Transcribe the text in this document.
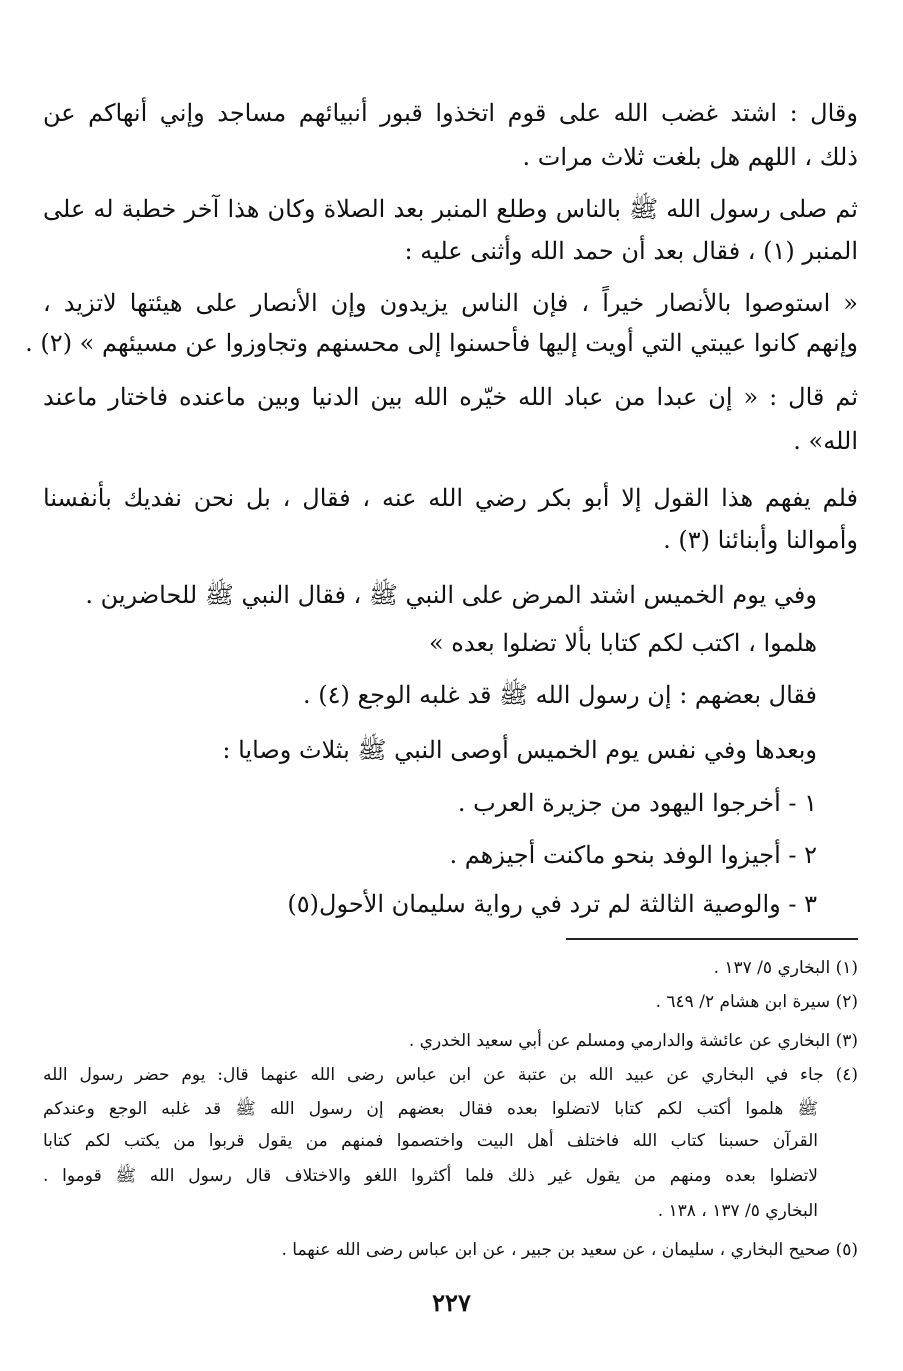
وقال : اشتد غضب الله على قوم اتخذوا قبور أنبيائهم مساجد وإني أنهاكم عن
ذلك ، اللهم هل بلغت ثلاث مرات .
ثم صلى رسول الله ﷺ بالناس وطلع المنبر بعد الصلاة وكان هذا آخر خطبة له على
المنبر (١) ، فقال بعد أن حمد الله وأثنى عليه :
« استوصوا بالأنصار خيراً ، فإن الناس يزيدون وإن الأنصار على هيئتها لاتزيد ،
وإنهم كانوا عيبتي التي أويت إليها فأحسنوا إلى محسنهم وتجاوزوا عن مسيئهم » (٢) .
ثم قال : « إن عبدا من عباد الله خيّره الله بين الدنيا وبين ماعنده فاختار ماعند
الله» .
فلم يفهم هذا القول إلا أبو بكر رضي الله عنه ، فقال ، بل نحن نفديك بأنفسنا
وأموالنا وأبنائنا (٣) .
وفي يوم الخميس اشتد المرض على النبي ﷺ ، فقال النبي ﷺ للحاضرين .
هلموا ، اكتب لكم كتابا بألا تضلوا بعده »
فقال بعضهم : إن رسول الله ﷺ قد غلبه الوجع (٤) .
وبعدها وفي نفس يوم الخميس أوصى النبي ﷺ بثلاث وصايا :
١ - أخرجوا اليهود من جزيرة العرب .
٢ - أجيزوا الوفد بنحو ماكنت أجيزهم .
٣ - والوصية الثالثة لم ترد في رواية سليمان الأحول(٥)
(١) البخاري ٥/ ١٣٧ .
(٢) سيرة ابن هشام ٢/ ٦٤٩ .
(٣) البخاري عن عائشة والدارمي ومسلم عن أبي سعيد الخدري .
(٤) جاء في البخاري عن عبيد الله بن عتبة عن ابن عباس رضى الله عنهما قال: يوم حضر رسول الله
ﷺ هلموا أكتب لكم كتابا لاتضلوا بعده فقال بعضهم إن رسول الله ﷺ قد غلبه الوجع وعندكم
القرآن حسبنا كتاب الله فاختلف أهل البيت واختصموا فمنهم من يقول قربوا من يكتب لكم كتابا
لاتضلوا بعده ومنهم من يقول غير ذلك فلما أكثروا اللغو والاختلاف قال رسول الله ﷺ قوموا .
البخاري ٥/ ١٣٧ ، ١٣٨ .
(٥) صحيح البخاري ، سليمان ، عن سعيد بن جبير ، عن ابن عباس رضى الله عنهما .
٢٢٧
